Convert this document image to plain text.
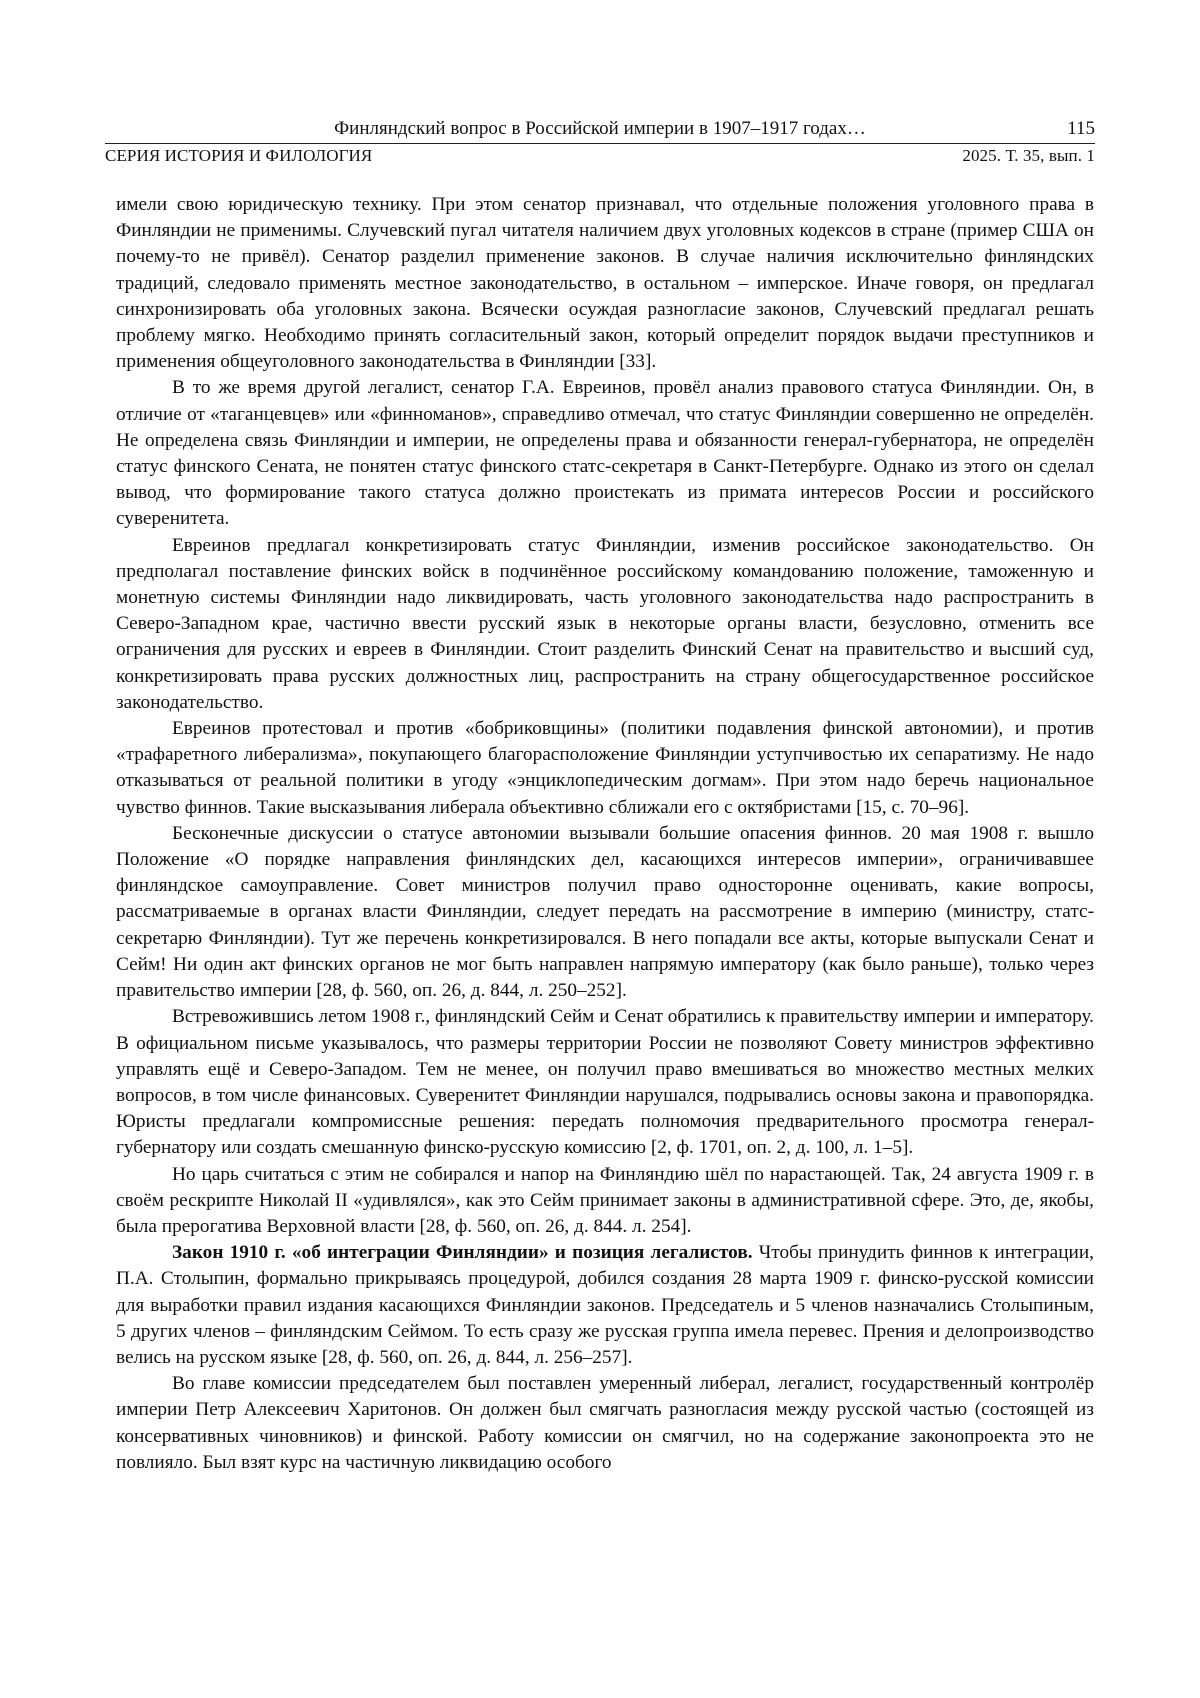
Финляндский вопрос в Российской империи в 1907–1917 годах…	115
СЕРИЯ ИСТОРИЯ И ФИЛОЛОГИЯ	2025. Т. 35, вып. 1

имели свою юридическую технику. При этом сенатор признавал, что отдельные положения уголовного права в Финляндии не применимы. Случевский пугал читателя наличием двух уголовных кодексов в стране (пример США он почему-то не привёл). Сенатор разделил применение законов. В случае наличия исключительно финляндских традиций, следовало применять местное законодательство, в остальном – имперское. Иначе говоря, он предлагал синхронизировать оба уголовных закона. Всячески осуждая разногласие законов, Случевский предлагал решать проблему мягко. Необходимо принять согласительный закон, который определит порядок выдачи преступников и применения общеуголовного законодательства в Финляндии [33].

В то же время другой легалист, сенатор Г.А. Евреинов, провёл анализ правового статуса Финляндии. Он, в отличие от «таганцевцев» или «финноманов», справедливо отмечал, что статус Финляндии совершенно не определён. Не определена связь Финляндии и империи, не определены права и обязанности генерал-губернатора, не определён статус финского Сената, не понятен статус финского статс-секретаря в Санкт-Петербурге. Однако из этого он сделал вывод, что формирование такого статуса должно проистекать из примата интересов России и российского суверенитета.

Евреинов предлагал конкретизировать статус Финляндии, изменив российское законодательство. Он предполагал поставление финских войск в подчинённое российскому командованию положение, таможенную и монетную системы Финляндии надо ликвидировать, часть уголовного законодательства надо распространить в Северо-Западном крае, частично ввести русский язык в некоторые органы власти, безусловно, отменить все ограничения для русских и евреев в Финляндии. Стоит разделить Финский Сенат на правительство и высший суд, конкретизировать права русских должностных лиц, распространить на страну общегосударственное российское законодательство.

Евреинов протестовал и против «бобриковщины» (политики подавления финской автономии), и против «трафаретного либерализма», покупающего благорасположение Финляндии уступчивостью их сепаратизму. Не надо отказываться от реальной политики в угоду «энциклопедическим догмам». При этом надо беречь национальное чувство финнов. Такие высказывания либерала объективно сближали его с октябристами [15, с. 70–96].

Бесконечные дискуссии о статусе автономии вызывали большие опасения финнов. 20 мая 1908 г. вышло Положение «О порядке направления финляндских дел, касающихся интересов империи», ограничивавшее финляндское самоуправление. Совет министров получил право односторонне оценивать, какие вопросы, рассматриваемые в органах власти Финляндии, следует передать на рассмотрение в империю (министру, статс-секретарю Финляндии). Тут же перечень конкретизировался. В него попадали все акты, которые выпускали Сенат и Сейм! Ни один акт финских органов не мог быть направлен напрямую императору (как было раньше), только через правительство империи [28, ф. 560, оп. 26, д. 844, л. 250–252].

Встревожившись летом 1908 г., финляндский Сейм и Сенат обратились к правительству империи и императору. В официальном письме указывалось, что размеры территории России не позволяют Совету министров эффективно управлять ещё и Северо-Западом. Тем не менее, он получил право вмешиваться во множество местных мелких вопросов, в том числе финансовых. Суверенитет Финляндии нарушался, подрывались основы закона и правопорядка. Юристы предлагали компромиссные решения: передать полномочия предварительного просмотра генерал-губернатору или создать смешанную финско-русскую комиссию [2, ф. 1701, оп. 2, д. 100, л. 1–5].

Но царь считаться с этим не собирался и напор на Финляндию шёл по нарастающей. Так, 24 августа 1909 г. в своём рескрипте Николай II «удивлялся», как это Сейм принимает законы в административной сфере. Это, де, якобы, была прерогатива Верховной власти [28, ф. 560, оп. 26, д. 844. л. 254].

Закон 1910 г. «об интеграции Финляндии» и позиция легалистов. Чтобы принудить финнов к интеграции, П.А. Столыпин, формально прикрываясь процедурой, добился создания 28 марта 1909 г. финско-русской комиссии для выработки правил издания касающихся Финляндии законов. Председатель и 5 членов назначались Столыпиным, 5 других членов – финляндским Сеймом. То есть сразу же русская группа имела перевес. Прения и делопроизводство велись на русском языке [28, ф. 560, оп. 26, д. 844, л. 256–257].

Во главе комиссии председателем был поставлен умеренный либерал, легалист, государственный контролёр империи Петр Алексеевич Харитонов. Он должен был смягчать разногласия между русской частью (состоящей из консервативных чиновников) и финской. Работу комиссии он смягчил, но на содержание законопроекта это не повлияло. Был взят курс на частичную ликвидацию особого
